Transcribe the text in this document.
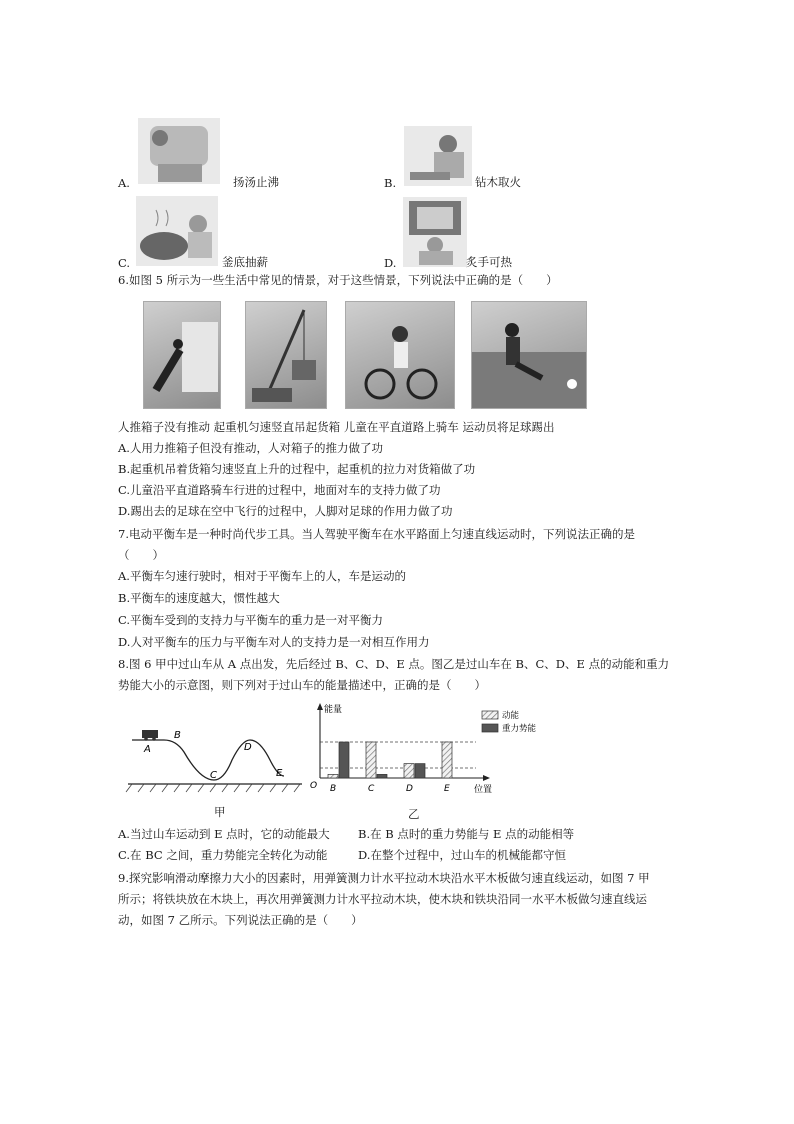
A.	扬汤止沸	B.	钻木取火
C.	釜底抽薪	D.	炙手可热
6.如图 5 所示为一些生活中常见的情景，对于这些情景，下列说法中正确的是（　　）
人推箱子没有推动 起重机匀速竖直吊起货箱 儿童在平直道路上骑车 运动员将足球踢出
A.人用力推箱子但没有推动，人对箱子的推力做了功
B.起重机吊着货箱匀速竖直上升的过程中，起重机的拉力对货箱做了功
C.儿童沿平直道路骑车行进的过程中，地面对车的支持力做了功
D.踢出去的足球在空中飞行的过程中，人脚对足球的作用力做了功
7.电动平衡车是一种时尚代步工具。当人驾驶平衡车在水平路面上匀速直线运动时，下列说法正确的是
（　　）
A.平衡车匀速行驶时，相对于平衡车上的人，车是运动的
B.平衡车的速度越大，惯性越大
C.平衡车受到的支持力与平衡车的重力是一对平衡力
D.人对平衡车的压力与平衡车对人的支持力是一对相互作用力
8.图 6 甲中过山车从 A 点出发，先后经过 B、C、D、E 点。图乙是过山车在 B、C、D、E 点的动能和重力
势能大小的示意图，则下列对于过山车的能量描述中，正确的是（　　）
A
B
C
D
E
甲
能量
位置
O B	C	D	E
动能
重力势能
乙
A.当过山车运动到 E 点时，它的动能最大 B.在 B 点时的重力势能与 E 点的动能相等
C.在 BC 之间，重力势能完全转化为动能	D.在整个过程中，过山车的机械能都守恒
9.探究影响滑动摩擦力大小的因素时，用弹簧测力计水平拉动木块沿水平木板做匀速直线运动，如图 7 甲
所示；将铁块放在木块上，再次用弹簧测力计水平拉动木块，使木块和铁块沿同一水平木板做匀速直线运
动，如图 7 乙所示。下列说法正确的是（　　）
